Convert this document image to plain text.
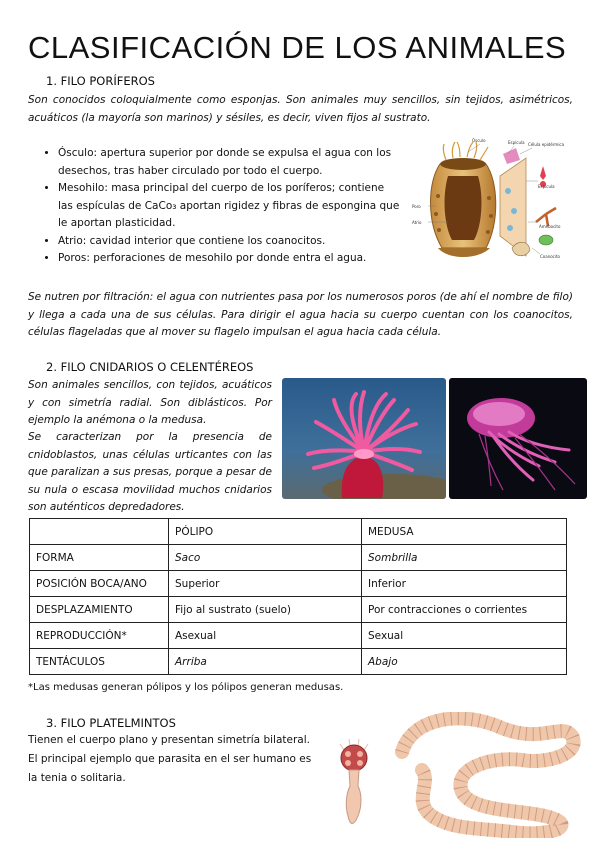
CLASIFICACIÓN DE LOS ANIMALES
1. FILO PORÍFEROS
Son conocidos coloquialmente como esponjas. Son animales muy sencillos, sin tejidos, asimétricos, acuáticos (la mayoría son marinos) y sésiles, es decir, viven fijos al sustrato.
• Ósculo: apertura superior por donde se expulsa el agua con los desechos, tras haber circulado por todo el cuerpo.
• Mesohilo: masa principal del cuerpo de los poríferos; contiene las espículas de CaCo₃ aportan rigidez y fibras de espongina que le aportan plasticidad.
• Atrio: cavidad interior que contiene los coanocitos.
• Poros: perforaciones de mesohilo por donde entra el agua.
Ósculo	Espícula Célula epidérmica
Espícula
Poro
Atrio
Amebocito
Coanocito
Se nutren por filtración: el agua con nutrientes pasa por los numerosos poros (de ahí el nombre de filo) y llega a cada una de sus células. Para dirigir el agua hacia su cuerpo cuentan con los coanocitos, células flageladas que al mover su flagelo impulsan el agua hacia cada célula.
2. FILO CNIDARIOS O CELENTÉREOS
Son animales sencillos, con tejidos, acuáticos y con simetría radial. Son diblásticos. Por ejemplo la anémona o la medusa.
Se caracterizan por la presencia de cnidoblastos, unas células urticantes con las que paralizan a sus presas, porque a pesar de su nula o escasa movilidad muchos cnidarios son auténticos depredadores.
	PÓLIPO	MEDUSA
FORMA	Saco	Sombrilla
POSICIÓN BOCA/ANO	Superior	Inferior
DESPLAZAMIENTO	Fijo al sustrato (suelo)	Por contracciones o corrientes
REPRODUCCIÓN*	Asexual	Sexual
TENTÁCULOS	Arriba	Abajo
*Las medusas generan pólipos y los pólipos generan medusas.
3. FILO PLATELMINTOS
Tienen el cuerpo plano y presentan simetría bilateral. El principal ejemplo que parasita en el ser humano es la tenia o solitaria.
